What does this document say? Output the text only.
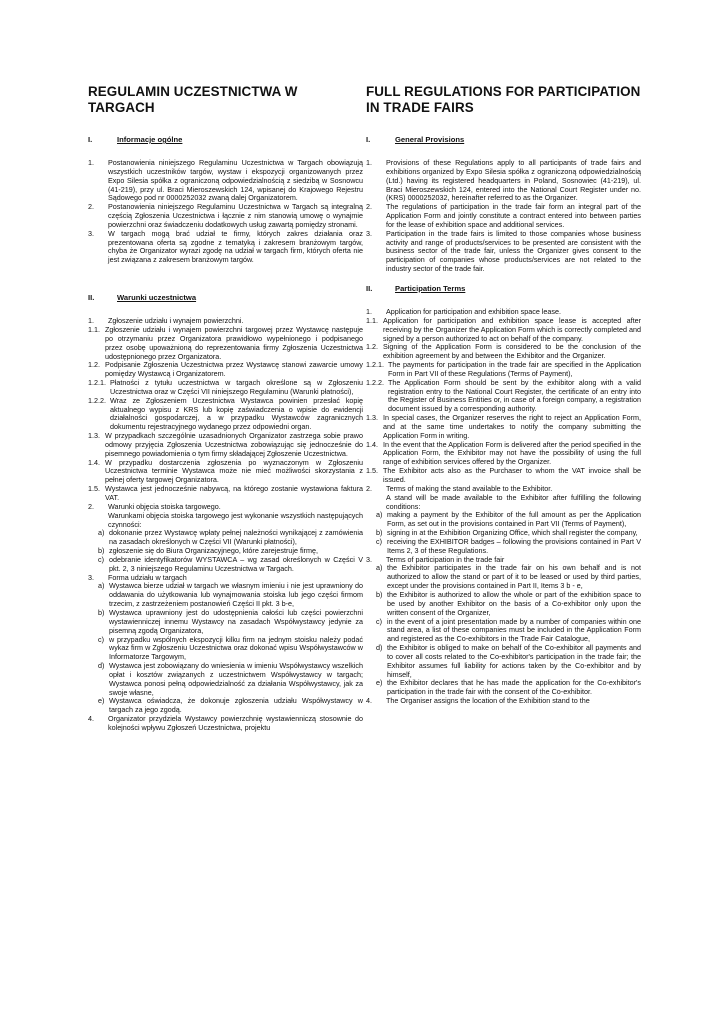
REGULAMIN UCZESTNICTWA W TARGACH
I.	Informacje ogólne
1.	Postanowienia niniejszego Regulaminu Uczestnictwa w Targach obowiązują wszystkich uczestników targów, wystaw i ekspozycji organizowanych przez Expo Silesia spółka z ograniczoną odpowiedzialnością z siedzibą w Sosnowcu (41-219), przy ul. Braci Mieroszewskich 124, wpisanej do Krajowego Rejestru Sądowego pod nr 0000252032 zwaną dalej Organizatorem.
2.	Postanowienia niniejszego Regulaminu Uczestnictwa w Targach są integralną częścią Zgłoszenia Uczestnictwa i łącznie z nim stanowią umowę o wynajmie powierzchni oraz świadczeniu dodatkowych usług zawartą pomiędzy stronami.
3.	W targach mogą brać udział te firmy, których zakres działania oraz prezentowana oferta są zgodne z tematyką i zakresem branżowym targów, chyba że Organizator wyrazi zgodę na udział w targach firm, których oferta nie jest związana z zakresem branżowym targów.
II.	Warunki uczestnictwa
1.	Zgłoszenie udziału i wynajem powierzchni.
1.1. Zgłoszenie udziału i wynajem powierzchni targowej przez Wystawcę następuje po otrzymaniu przez Organizatora prawidłowo wypełnionego i podpisanego przez osobę upoważnioną do reprezentowania firmy Zgłoszenia Uczestnictwa udostępnionego przez Organizatora.
1.2. Podpisanie Zgłoszenia Uczestnictwa przez Wystawcę stanowi zawarcie umowy pomiędzy Wystawcą i Organizatorem.
1.2.1. Płatności z tytułu uczestnictwa w targach określone są w Zgłoszeniu Uczestnictwa oraz w Części VII niniejszego Regulaminu (Warunki płatności),
1.2.2. Wraz ze Zgłoszeniem Uczestnictwa Wystawca powinien przesłać kopię aktualnego wypisu z KRS lub kopię zaświadczenia o wpisie do ewidencji działalności gospodarczej, a w przypadku Wystawców zagranicznych dokumentu rejestracyjnego wydanego przez odpowiedni organ.
1.3. W przypadkach szczególnie uzasadnionych Organizator zastrzega sobie prawo odmowy przyjęcia Zgłoszenia Uczestnictwa zobowiązując się jednocześnie do pisemnego powiadomienia o tym firmy składającej Zgłoszenie Uczestnictwa.
1.4. W przypadku dostarczenia zgłoszenia po wyznaczonym w Zgłoszeniu Uczestnictwa terminie Wystawca może nie mieć możliwości skorzystania z pełnej oferty targowej Organizatora.
1.5. Wystawca jest jednocześnie nabywcą, na którego zostanie wystawiona faktura VAT.
2.	Warunki objęcia stoiska targowego.
Warunkami objęcia stoiska targowego jest wykonanie wszystkich następujących czynności:
a) dokonanie przez Wystawcę wpłaty pełnej należności wynikającej z zamówienia na zasadach określonych w Części VII (Warunki płatności),
b) zgłoszenie się do Biura Organizacyjnego, które zarejestruje firmę,
c) odebranie identyfikatorów WYSTAWCA – wg zasad określonych w Części V pkt. 2, 3 niniejszego Regulaminu Uczestnictwa w Targach.
3.	Forma udziału w targach
a) Wystawca bierze udział w targach we własnym imieniu i nie jest uprawniony do oddawania do użytkowania lub wynajmowania stoiska lub jego części firmom trzecim, z zastrzeżeniem postanowień Części II pkt. 3 b-e,
b) Wystawca uprawniony jest do udostępnienia całości lub części powierzchni wystawienniczej innemu Wystawcy na zasadach Współwystawcy jedynie za pisemną zgodą Organizatora,
c) w przypadku wspólnych ekspozycji kilku firm na jednym stoisku należy podać wykaz firm w Zgłoszeniu Uczestnictwa oraz dokonać wpisu Współwystawców w Informatorze Targowym,
d) Wystawca jest zobowiązany do wniesienia w imieniu Współwystawcy wszelkich opłat i kosztów związanych z uczestnictwem Współwystawcy w targach; Wystawca ponosi pełną odpowiedzialność za działania Współwystawcy, jak za swoje własne,
e) Wystawca oświadcza, że dokonuje zgłoszenia udziału Współwystawcy w targach za jego zgodą.
4.	Organizator przydziela Wystawcy powierzchnię wystawienniczą stosownie do kolejności wpływu Zgłoszeń Uczestnictwa, projektu
FULL REGULATIONS FOR PARTICIPATION IN TRADE FAIRS
I.	General Provisions
1.	Provisions of these Regulations apply to all participants of trade fairs and exhibitions organized by Expo Silesia spółka z ograniczoną odpowiedzialnością (Ltd.) having its registered headquarters in Poland, Sosnowiec (41-219), ul. Braci Mieroszewskich 124, entered into the National Court Register under no. (KRS) 0000252032, hereinafter referred to as the Organizer.
2.	The regulations of participation in the trade fair form an integral part of the Application Form and jointly constitute a contract entered into between parties for the lease of exhibition space and additional services.
3.	Participation in the trade fairs is limited to those companies whose business activity and range of products/services to be presented are consistent with the business sector of the trade fair, unless the Organizer gives consent to the participation of companies whose products/services are not related to the industry sector of the trade fair.
II.	Participation Terms
1.	Application for participation and exhibition space lease.
1.1. Application for participation and exhibition space lease is accepted after receiving by the Organizer the Application Form which is correctly completed and signed by a person authorized to act on behalf of the company.
1.2. Signing of the Application Form is considered to be the conclusion of the exhibition agreement by and between the Exhibitor and the Organizer.
1.2.1. The payments for participation in the trade fair are specified in the Application Form in Part VII of these Regulations (Terms of Payment),
1.2.2. The Application Form should be sent by the exhibitor along with a valid registration entry to the National Court Register, the certificate of an entry into the Register of Business Entities or, in case of a foreign company, a registration document issued by a corresponding authority.
1.3. In special cases, the Organizer reserves the right to reject an Application Form, and at the same time undertakes to notify the company submitting the Application Form in writing.
1.4. In the event that the Application Form is delivered after the period specified in the Application Form, the Exhibitor may not have the possibility of using the full range of exhibition services offered by the Organizer.
1.5. The Exhibitor acts also as the Purchaser to whom the VAT invoice shall be issued.
2.	Terms of making the stand available to the Exhibitor.
A stand will be made available to the Exhibitor after fulfilling the following conditions:
a) making a payment by the Exhibitor of the full amount as per the Application Form, as set out in the provisions contained in Part VII (Terms of Payment),
b) signing in at the Exhibition Organizing Office, which shall register the company,
c) receiving the EXHIBITOR badges – following the provisions contained in Part V Items 2, 3 of these Regulations.
3.	Terms of participation in the trade fair
a) the Exhibitor participates in the trade fair on his own behalf and is not authorized to allow the stand or part of it to be leased or used by third parties, except under the provisions contained in Part II, Items 3 b - e,
b) the Exhibitor is authorized to allow the whole or part of the exhibition space to be used by another Exhibitor on the basis of a Co-exhibitor only upon the written consent of the Organizer,
c) in the event of a joint presentation made by a number of companies within one stand area, a list of these companies must be included in the Application Form and registered as the Co-exhibitors in the Trade Fair Catalogue,
d) the Exhibitor is obliged to make on behalf of the Co-exhibitor all payments and to cover all costs related to the Co-exhibitor's participation in the trade fair; the Exhibitor assumes full liability for actions taken by the Co-exhibitor and by himself,
e) the Exhibitor declares that he has made the application for the Co-exhibitor's participation in the trade fair with the consent of the Co-exhibitor.
4.	The Organiser assigns the location of the Exhibition stand to the
